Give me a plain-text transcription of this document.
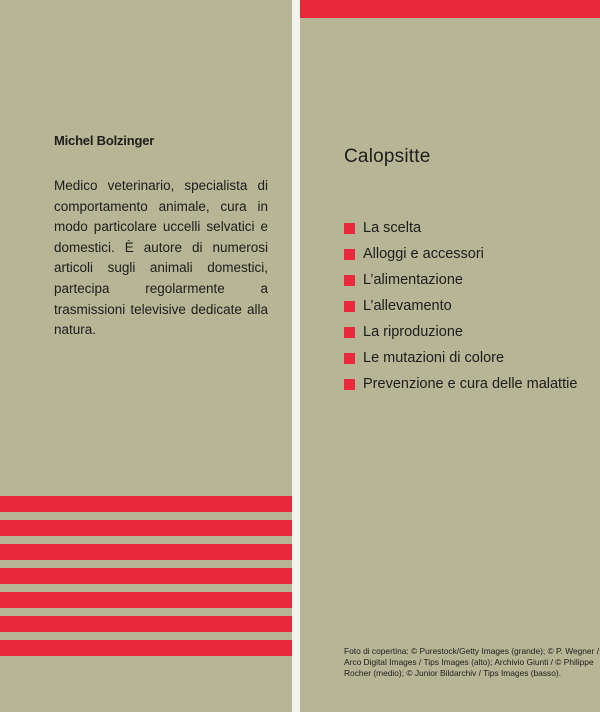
Michel Bolzinger
Medico veterinario, specialista di comportamento animale, cura in modo particolare uccelli selvatici e domestici. È autore di numerosi articoli sugli animali domestici, partecipa regolarmente a trasmissioni televisive dedicate alla natura.
Calopsitte
La scelta
Alloggi e accessori
L’alimentazione
L’allevamento
La riproduzione
Le mutazioni di colore
Prevenzione e cura delle malattie
Foto di copertina: © Purestock/Getty Images (grande); © P. Wegner / Arco Digital Images / Tips Images (alto); Archivio Giunti / © Philippe Rocher (medio); © Junior Bildarchiv / Tips Images (basso).
